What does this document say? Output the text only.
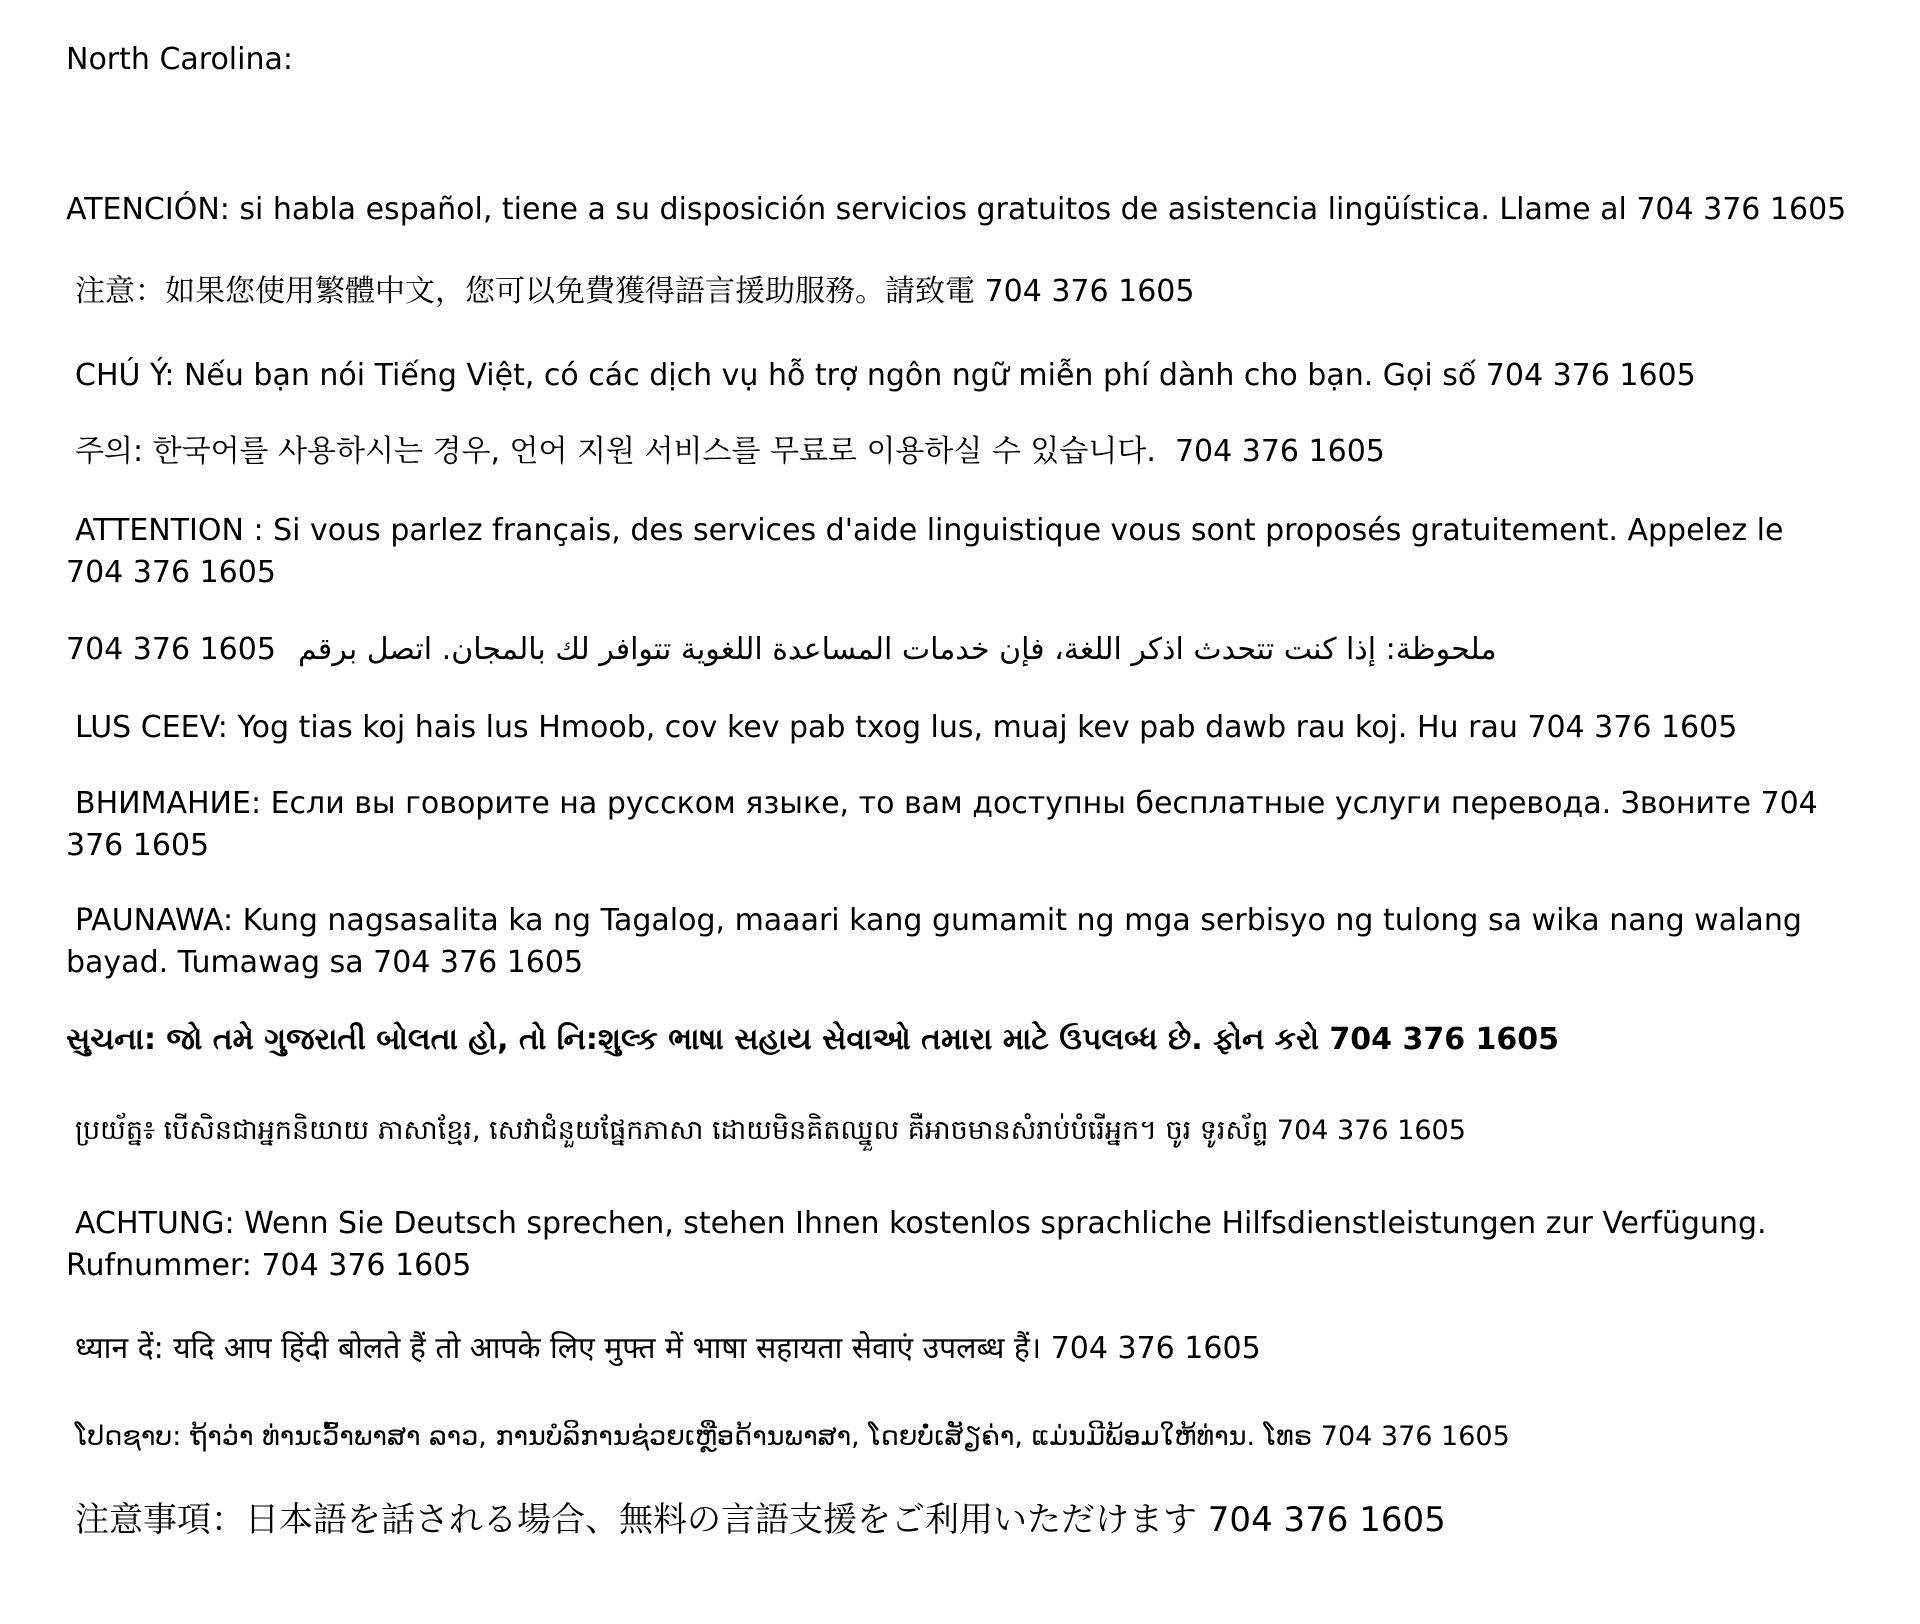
North Carolina:

ATENCIÓN: si habla español, tiene a su disposición servicios gratuitos de asistencia lingüística. Llame al 704 376 1605

注意：如果您使用繁體中文，您可以免費獲得語言援助服務。請致電 704 376 1605

CHÚ Ý: Nếu bạn nói Tiếng Việt, có các dịch vụ hỗ trợ ngôn ngữ miễn phí dành cho bạn. Gọi số 704 376 1605

주의: 한국어를 사용하시는 경우, 언어 지원 서비스를 무료로 이용하실 수 있습니다.  704 376 1605

ATTENTION : Si vous parlez français, des services d'aide linguistique vous sont proposés gratuitement. Appelez le 704 376 1605

704 376 1605 ملحوظة: إذا كنت تتحدث اذكر اللغة، فإن خدمات المساعدة اللغوية تتوافر لك بالمجان. اتصل برقم

LUS CEEV: Yog tias koj hais lus Hmoob, cov kev pab txog lus, muaj kev pab dawb rau koj. Hu rau 704 376 1605

ВНИМАНИЕ: Если вы говорите на русском языке, то вам доступны бесплатные услуги перевода. Звоните 704 376 1605

PAUNAWA: Kung nagsasalita ka ng Tagalog, maaari kang gumamit ng mga serbisyo ng tulong sa wika nang walang bayad. Tumawag sa 704 376 1605

સુચના: જો તમે ગુજરાતી બોલતા હો, તો નિ:શુલ્ક ભાષા સહાય સેવાઓ તમારા માટે ઉપલબ્ધ છે. ફોન કરો 704 376 1605

ប្រយ័ត្ន៖ បើសិនជាអ្នកនិយាយ ភាសាខ្មែរ, សេវាជំនួយផ្នែកភាសា ដោយមិនគិតឈ្នួល គឺអាចមានសំរាប់បំរើអ្នក។ ចូរ ទូរស័ព្ទ 704 376 1605

ACHTUNG: Wenn Sie Deutsch sprechen, stehen Ihnen kostenlos sprachliche Hilfsdienstleistungen zur Verfügung. Rufnummer: 704 376 1605

ध्यान दें: यदि आप हिंदी बोलते हैं तो आपके लिए मुफ्त में भाषा सहायता सेवाएं उपलब्ध हैं। 704 376 1605

ໂປດຊາບ: ຖ້າວ່າ ທ່ານເວົ້າພາສາ ລາວ, ການບໍລິການຊ່ວຍເຫຼືອດ້ານພາສາ, ໂດຍບໍ່ເສັຽຄ່າ, ແມ່ນມີພ້ອມໃຫ້ທ່ານ. ໂທຣ 704 376 1605

注意事項：日本語を話される場合、無料の言語支援をご利用いただけます 704 376 1605
